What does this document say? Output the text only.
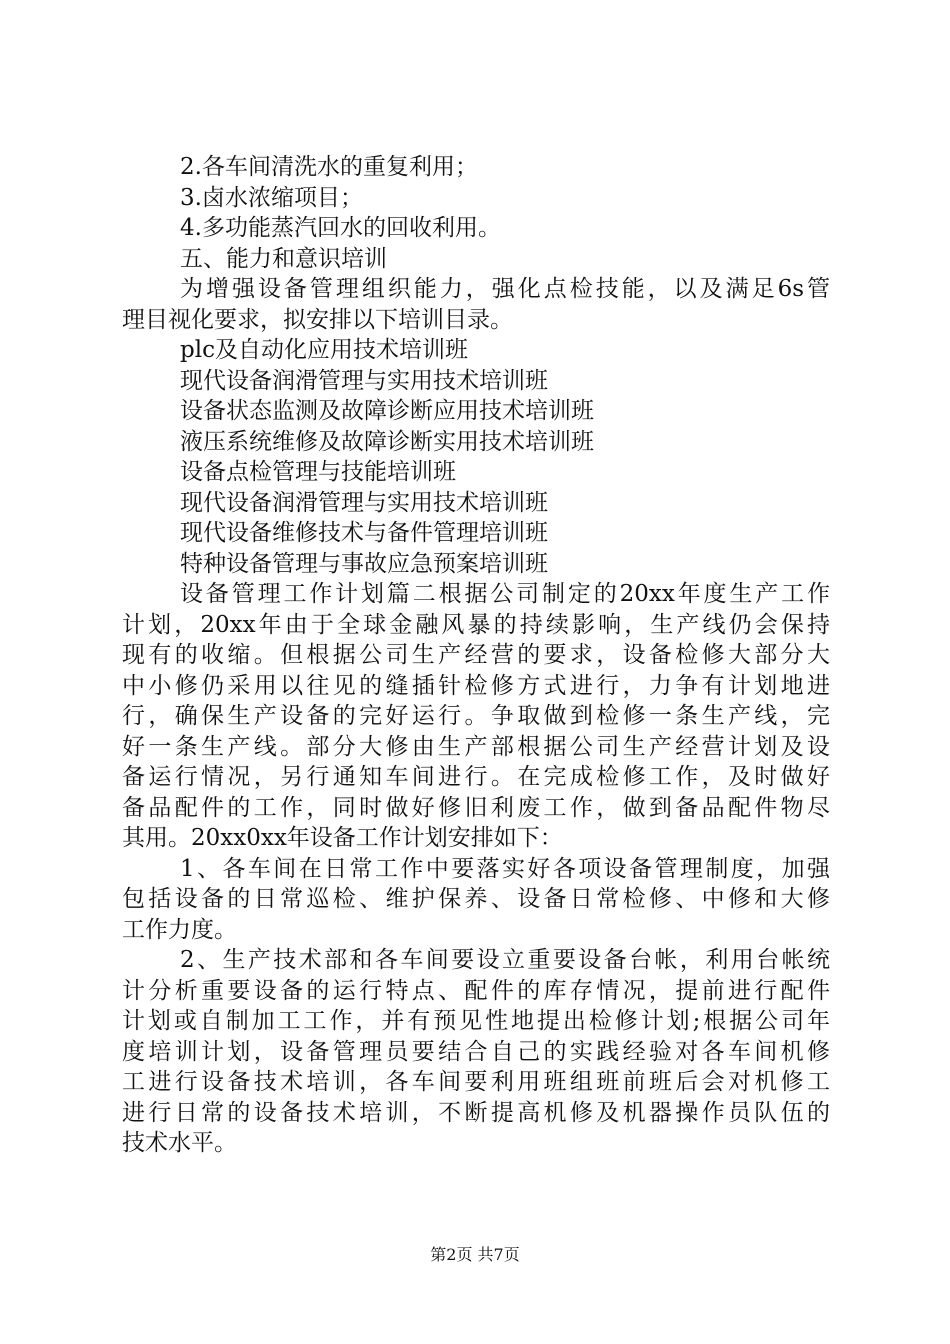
2.各车间清洗水的重复利用；
3.卤水浓缩项目；
4.多功能蒸汽回水的回收利用。
五、能力和意识培训
为增强设备管理组织能力，强化点检技能，以及满足6s管
理目视化要求，拟安排以下培训目录。
plc及自动化应用技术培训班
现代设备润滑管理与实用技术培训班
设备状态监测及故障诊断应用技术培训班
液压系统维修及故障诊断实用技术培训班
设备点检管理与技能培训班
现代设备润滑管理与实用技术培训班
现代设备维修技术与备件管理培训班
特种设备管理与事故应急预案培训班
设备管理工作计划篇二根据公司制定的20xx年度生产工作
计划，20xx年由于全球金融风暴的持续影响，生产线仍会保持
现有的收缩。但根据公司生产经营的要求，设备检修大部分大
中小修仍采用以往见的缝插针检修方式进行，力争有计划地进
行，确保生产设备的完好运行。争取做到检修一条生产线，完
好一条生产线。部分大修由生产部根据公司生产经营计划及设
备运行情况，另行通知车间进行。在完成检修工作，及时做好
备品配件的工作，同时做好修旧利废工作，做到备品配件物尽
其用。20xx0xx年设备工作计划安排如下：
1、各车间在日常工作中要落实好各项设备管理制度，加强
包括设备的日常巡检、维护保养、设备日常检修、中修和大修
工作力度。
2、生产技术部和各车间要设立重要设备台帐，利用台帐统
计分析重要设备的运行特点、配件的库存情况，提前进行配件
计划或自制加工工作，并有预见性地提出检修计划;根据公司年
度培训计划，设备管理员要结合自己的实践经验对各车间机修
工进行设备技术培训，各车间要利用班组班前班后会对机修工
进行日常的设备技术培训，不断提高机修及机器操作员队伍的
技术水平。
第2页 共7页
